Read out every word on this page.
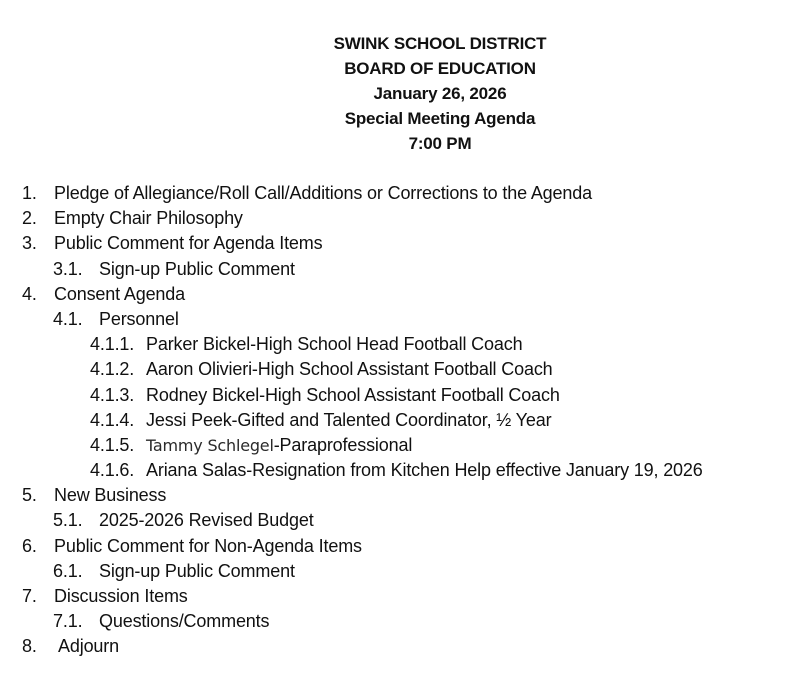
SWINK SCHOOL DISTRICT
BOARD OF EDUCATION
January 26, 2026
Special Meeting Agenda
7:00 PM
1. Pledge of Allegiance/Roll Call/Additions or Corrections to the Agenda
2. Empty Chair Philosophy
3. Public Comment for Agenda Items
3.1. Sign-up Public Comment
4. Consent Agenda
4.1. Personnel
4.1.1. Parker Bickel-High School Head Football Coach
4.1.2. Aaron Olivieri-High School Assistant Football Coach
4.1.3. Rodney Bickel-High School Assistant Football Coach
4.1.4. Jessi Peek-Gifted and Talented Coordinator, ½ Year
4.1.5. Tammy Schlegel-Paraprofessional
4.1.6. Ariana Salas-Resignation from Kitchen Help effective January 19, 2026
5. New Business
5.1. 2025-2026 Revised Budget
6. Public Comment for Non-Agenda Items
6.1. Sign-up Public Comment
7. Discussion Items
7.1. Questions/Comments
8. Adjourn
